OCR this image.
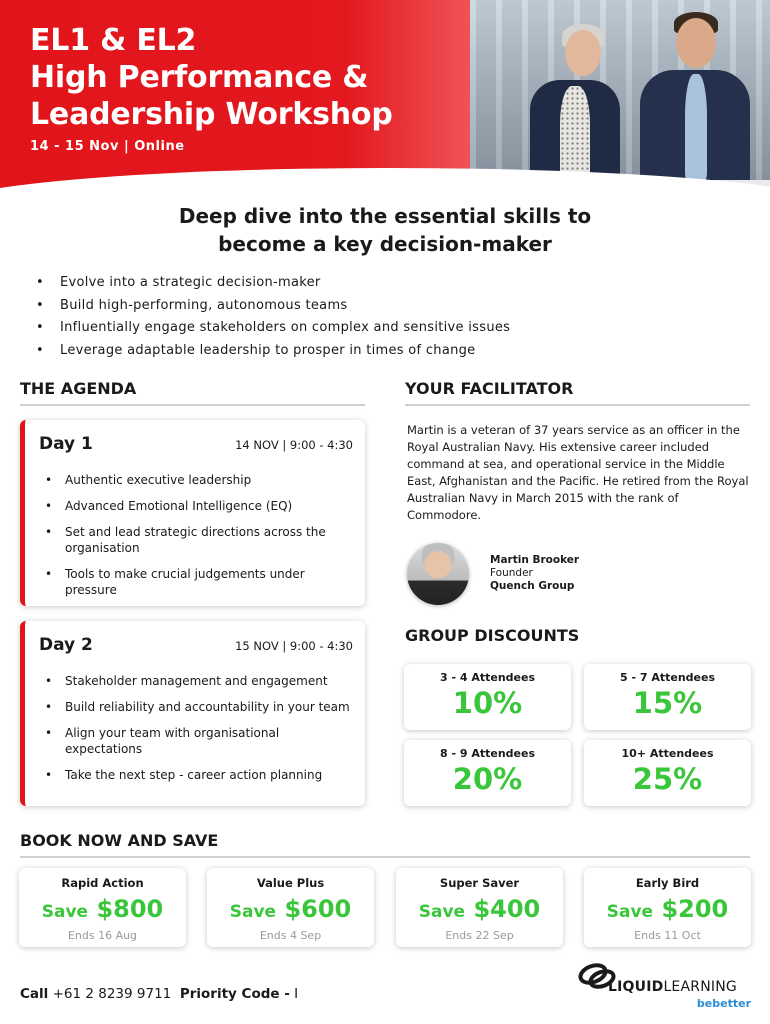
EL1 & EL2
High Performance &
Leadership Workshop
14 - 15 Nov | Online
Deep dive into the essential skills to
become a key decision-maker
• Evolve into a strategic decision-maker
• Build high-performing, autonomous teams
• Influentially engage stakeholders on complex and sensitive issues
• Leverage adaptable leadership to prosper in times of change
THE AGENDA
Day 1	14 NOV | 9:00 - 4:30
• Authentic executive leadership
• Advanced Emotional Intelligence (EQ)
• Set and lead strategic directions across the organisation
• Tools to make crucial judgements under pressure
Day 2	15 NOV | 9:00 - 4:30
• Stakeholder management and engagement
• Build reliability and accountability in your team
• Align your team with organisational expectations
• Take the next step - career action planning
YOUR FACILITATOR
Martin is a veteran of 37 years service as an officer in the Royal Australian Navy. His extensive career included command at sea, and operational service in the Middle East, Afghanistan and the Pacific. He retired from the Royal Australian Navy in March 2015 with the rank of Commodore.
Martin Brooker
Founder
Quench Group
GROUP DISCOUNTS
3 - 4 Attendees
10%
5 - 7 Attendees
15%
8 - 9 Attendees
20%
10+ Attendees
25%
BOOK NOW AND SAVE
Rapid Action
Save $800
Ends 16 Aug
Value Plus
Save $600
Ends 4 Sep
Super Saver
Save $400
Ends 22 Sep
Early Bird
Save $200
Ends 11 Oct
Call +61 2 8239 9711 Priority Code - I	LIQUIDLEARNING
bebetter
